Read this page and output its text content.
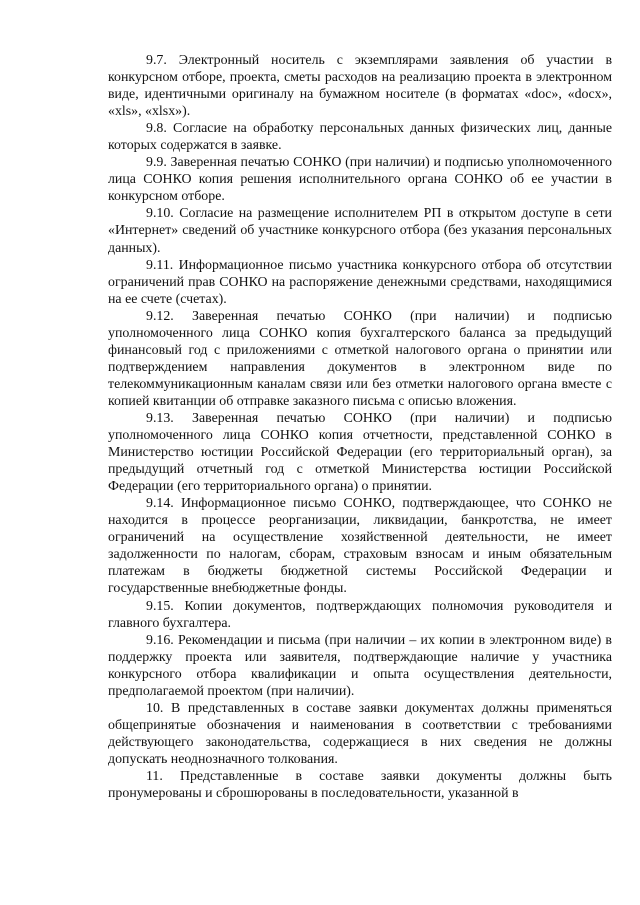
9.7. Электронный носитель с экземплярами заявления об участии в конкурсном отборе, проекта, сметы расходов на реализацию проекта в электронном виде, идентичными оригиналу на бумажном носителе (в форматах «doc», «docx», «xls», «xlsx»).

9.8. Согласие на обработку персональных данных физических лиц, данные которых содержатся в заявке.

9.9. Заверенная печатью СОНКО (при наличии) и подписью уполномоченного лица СОНКО копия решения исполнительного органа СОНКО об ее участии в конкурсном отборе.

9.10. Согласие на размещение исполнителем РП в открытом доступе в сети «Интернет» сведений об участнике конкурсного отбора (без указания персональных данных).

9.11. Информационное письмо участника конкурсного отбора об отсутствии ограничений прав СОНКО на распоряжение денежными средствами, находящимися на ее счете (счетах).

9.12. Заверенная печатью СОНКО (при наличии) и подписью уполномоченного лица СОНКО копия бухгалтерского баланса за предыдущий финансовый год с приложениями с отметкой налогового органа о принятии или подтверждением направления документов в электронном виде по телекоммуникационным каналам связи или без отметки налогового органа вместе с копией квитанции об отправке заказного письма с описью вложения.

9.13. Заверенная печатью СОНКО (при наличии) и подписью уполномоченного лица СОНКО копия отчетности, представленной СОНКО в Министерство юстиции Российской Федерации (его территориальный орган), за предыдущий отчетный год с отметкой Министерства юстиции Российской Федерации (его территориального органа) о принятии.

9.14. Информационное письмо СОНКО, подтверждающее, что СОНКО не находится в процессе реорганизации, ликвидации, банкротства, не имеет ограничений на осуществление хозяйственной деятельности, не имеет задолженности по налогам, сборам, страховым взносам и иным обязательным платежам в бюджеты бюджетной системы Российской Федерации и государственные внебюджетные фонды.

9.15. Копии документов, подтверждающих полномочия руководителя и главного бухгалтера.

9.16. Рекомендации и письма (при наличии – их копии в электронном виде) в поддержку проекта или заявителя, подтверждающие наличие у участника конкурсного отбора квалификации и опыта осуществления деятельности, предполагаемой проектом (при наличии).

10. В представленных в составе заявки документах должны применяться общепринятые обозначения и наименования в соответствии с требованиями действующего законодательства, содержащиеся в них сведения не должны допускать неоднозначного толкования.

11. Представленные в составе заявки документы должны быть пронумерованы и сброшюрованы в последовательности, указанной в
